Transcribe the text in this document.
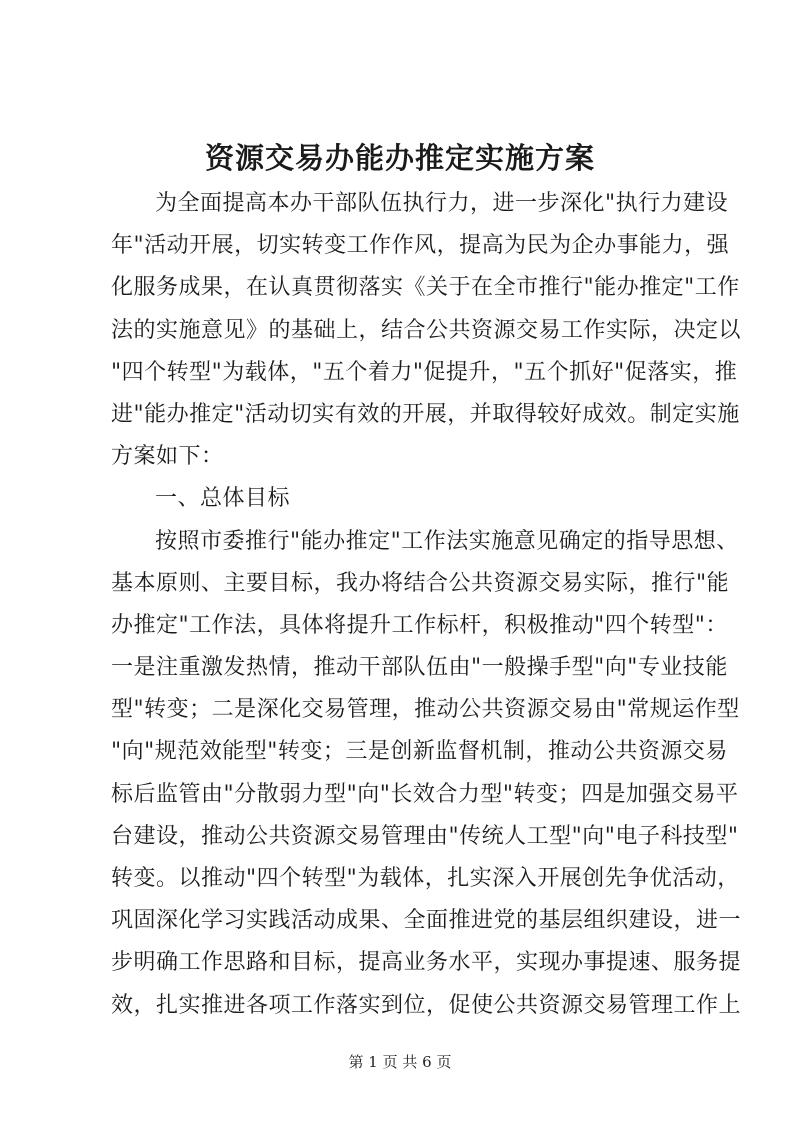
资源交易办能办推定实施方案
为全面提高本办干部队伍执行力，进一步深化"执行力建设
年"活动开展，切实转变工作作风，提高为民为企办事能力，强
化服务成果，在认真贯彻落实《关于在全市推行"能办推定"工作
法的实施意见》的基础上，结合公共资源交易工作实际，决定以
"四个转型"为载体，"五个着力"促提升，"五个抓好"促落实，推
进"能办推定"活动切实有效的开展，并取得较好成效。制定实施
方案如下：
一、总体目标
按照市委推行"能办推定"工作法实施意见确定的指导思想、
基本原则、主要目标，我办将结合公共资源交易实际，推行"能
办推定"工作法，具体将提升工作标杆，积极推动"四个转型"：
一是注重激发热情，推动干部队伍由"一般操手型"向"专业技能
型"转变；二是深化交易管理，推动公共资源交易由"常规运作型
"向"规范效能型"转变；三是创新监督机制，推动公共资源交易
标后监管由"分散弱力型"向"长效合力型"转变；四是加强交易平
台建设，推动公共资源交易管理由"传统人工型"向"电子科技型"
转变。以推动"四个转型"为载体，扎实深入开展创先争优活动，
巩固深化学习实践活动成果、全面推进党的基层组织建设，进一
步明确工作思路和目标，提高业务水平，实现办事提速、服务提
效，扎实推进各项工作落实到位，促使公共资源交易管理工作上
第 1 页 共 6 页
